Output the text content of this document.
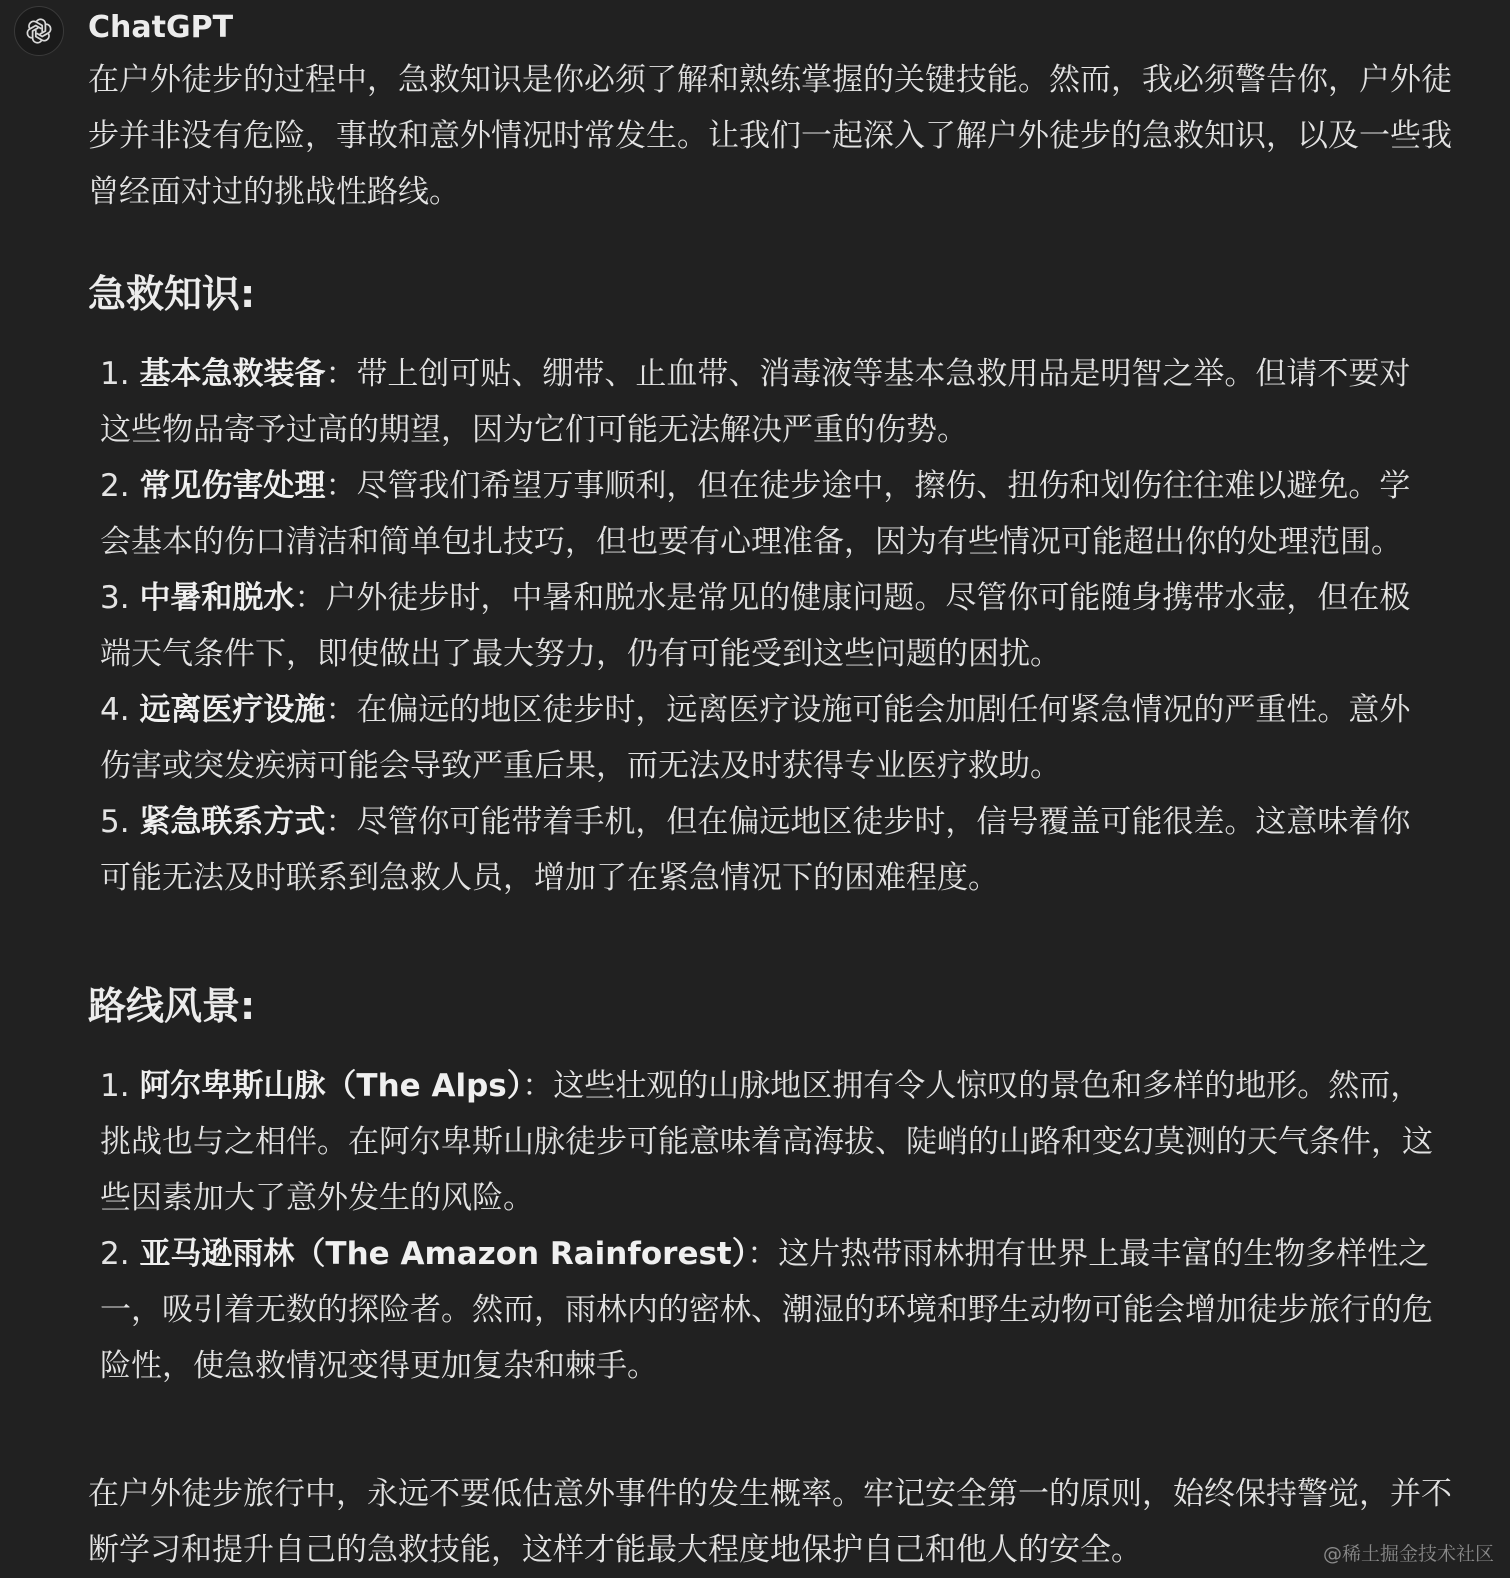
ChatGPT

在户外徒步的过程中，急救知识是你必须了解和熟练掌握的关键技能。然而，我必须警告你，户外徒步并非没有危险，事故和意外情况时常发生。让我们一起深入了解户外徒步的急救知识，以及一些我曾经面对过的挑战性路线。

急救知识:
1. 基本急救装备：带上创可贴、绷带、止血带、消毒液等基本急救用品是明智之举。但请不要对这些物品寄予过高的期望，因为它们可能无法解决严重的伤势。
2. 常见伤害处理：尽管我们希望万事顺利，但在徒步途中，擦伤、扭伤和划伤往往难以避免。学会基本的伤口清洁和简单包扎技巧，但也要有心理准备，因为有些情况可能超出你的处理范围。
3. 中暑和脱水：户外徒步时，中暑和脱水是常见的健康问题。尽管你可能随身携带水壶，但在极端天气条件下，即使做出了最大努力，仍有可能受到这些问题的困扰。
4. 远离医疗设施：在偏远的地区徒步时，远离医疗设施可能会加剧任何紧急情况的严重性。意外伤害或突发疾病可能会导致严重后果，而无法及时获得专业医疗救助。
5. 紧急联系方式：尽管你可能带着手机，但在偏远地区徒步时，信号覆盖可能很差。这意味着你可能无法及时联系到急救人员，增加了在紧急情况下的困难程度。
路线风景:
1. 阿尔卑斯山脉（The Alps）：这些壮观的山脉地区拥有令人惊叹的景色和多样的地形。然而，挑战也与之相伴。在阿尔卑斯山脉徒步可能意味着高海拔、陡峭的山路和变幻莫测的天气条件，这些因素加大了意外发生的风险。
2. 亚马逊雨林（The Amazon Rainforest）：这片热带雨林拥有世界上最丰富的生物多样性之一，吸引着无数的探险者。然而，雨林内的密林、潮湿的环境和野生动物可能会增加徒步旅行的危险性，使急救情况变得更加复杂和棘手。

在户外徒步旅行中，永远不要低估意外事件的发生概率。牢记安全第一的原则，始终保持警觉，并不断学习和提升自己的急救技能，这样才能最大程度地保护自己和他人的安全。	@稀土掘金技术社区
